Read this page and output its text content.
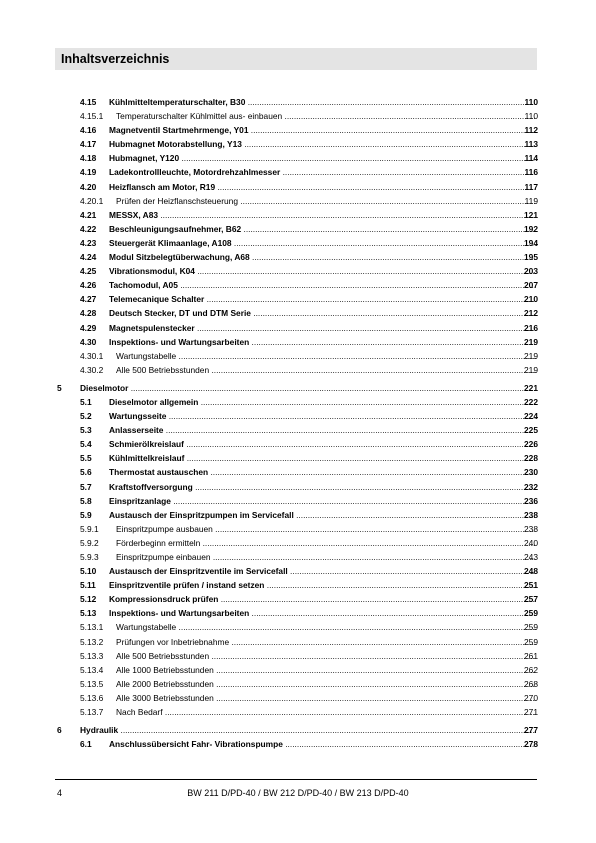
Inhaltsverzeichnis
4.15 Kühlmitteltemperaturschalter, B30 .....	110
4.15.1 Temperaturschalter Kühlmittel aus- einbauen .....	110
4.16 Magnetventil Startmehrmenge, Y01 .....	112
4.17 Hubmagnet Motorabstellung, Y13 .....	113
4.18 Hubmagnet, Y120 .....	114
4.19 Ladekontrollleuchte, Motordrehzahlmesser .....	116
4.20 Heizflansch am Motor, R19 .....	117
4.20.1 Prüfen der Heizflanschsteuerung .....	119
4.21 MESSX, A83 .....	121
4.22 Beschleunigungsaufnehmer, B62 .....	192
4.23 Steuergerät Klimaanlage, A108 .....	194
4.24 Modul Sitzbelegtüberwachung, A68 .....	195
4.25 Vibrationsmodul, K04 .....	203
4.26 Tachomodul, A05 .....	207
4.27 Telemecanique Schalter .....	210
4.28 Deutsch Stecker, DT und DTM Serie .....	212
4.29 Magnetspulenstecker .....	216
4.30 Inspektions- und Wartungsarbeiten .....	219
4.30.1 Wartungstabelle .....	219
4.30.2 Alle 500 Betriebsstunden .....	219
5 Dieselmotor .....	221
5.1 Dieselmotor allgemein .....	222
5.2 Wartungsseite .....	224
5.3 Anlasserseite .....	225
5.4 Schmierölkreislauf .....	226
5.5 Kühlmittelkreislauf .....	228
5.6 Thermostat austauschen .....	230
5.7 Kraftstoffversorgung .....	232
5.8 Einspritzanlage .....	236
5.9 Austausch der Einspritzpumpen im Servicefall .....	238
5.9.1 Einspritzpumpe ausbauen .....	238
5.9.2 Förderbeginn ermitteln .....	240
5.9.3 Einspritzpumpe einbauen .....	243
5.10 Austausch der Einspritzventile im Servicefall .....	248
5.11 Einspritzventile prüfen / instand setzen .....	251
5.12 Kompressionsdruck prüfen .....	257
5.13 Inspektions- und Wartungsarbeiten .....	259
5.13.1 Wartungstabelle .....	259
5.13.2 Prüfungen vor Inbetriebnahme .....	259
5.13.3 Alle 500 Betriebsstunden .....	261
5.13.4 Alle 1000 Betriebsstunden .....	262
5.13.5 Alle 2000 Betriebsstunden .....	268
5.13.6 Alle 3000 Betriebsstunden .....	270
5.13.7 Nach Bedarf .....	271
6 Hydraulik .....	277
6.1 Anschlussübersicht Fahr- Vibrationspumpe .....	278
4	BW 211 D/PD-40 / BW 212 D/PD-40 / BW 213 D/PD-40
